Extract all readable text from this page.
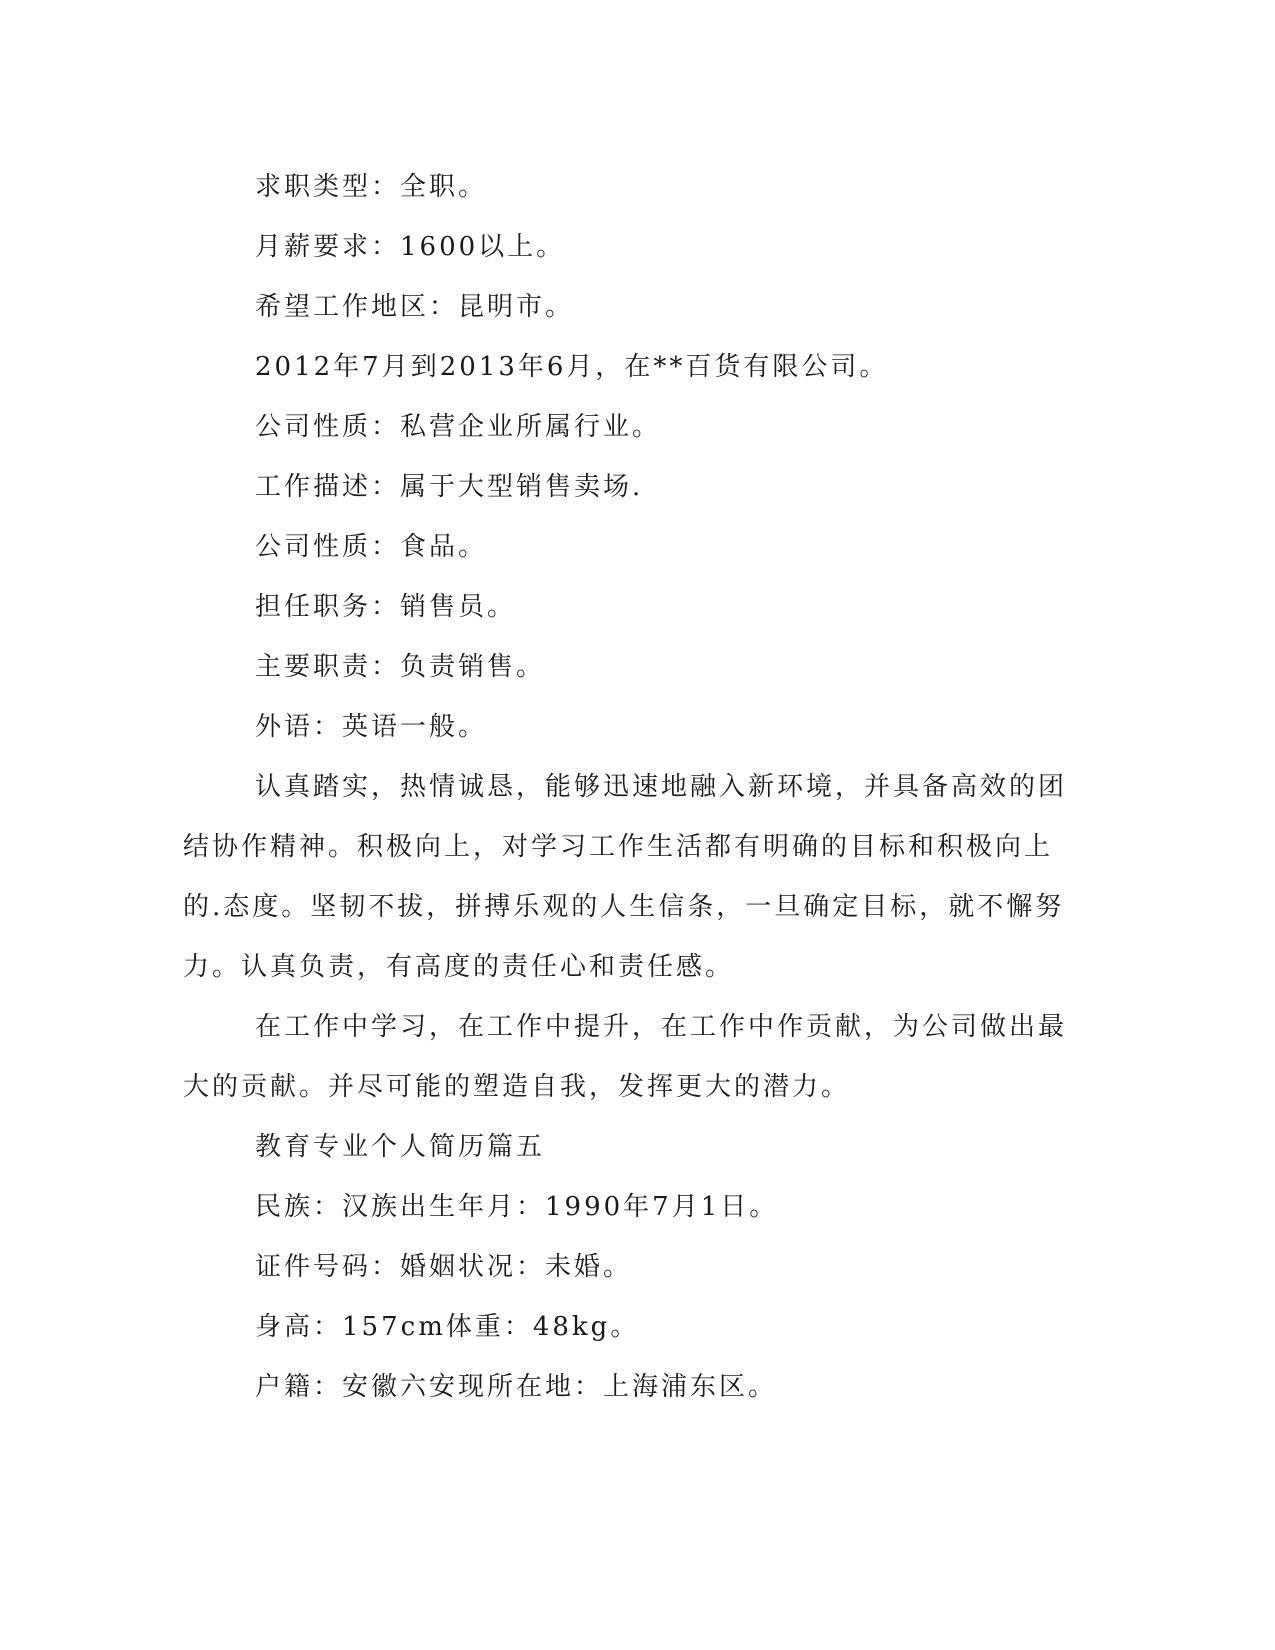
求职类型：全职。

月薪要求：1600以上。

希望工作地区：昆明市。

2012年7月到2013年6月，在**百货有限公司。

公司性质：私营企业所属行业。

工作描述：属于大型销售卖场.

公司性质：食品。

担任职务：销售员。

主要职责：负责销售。

外语：英语一般。

认真踏实，热情诚恳，能够迅速地融入新环境，并具备高效的团

结协作精神。积极向上，对学习工作生活都有明确的目标和积极向上

的.态度。坚韧不拔，拼搏乐观的人生信条，一旦确定目标，就不懈努

力。认真负责，有高度的责任心和责任感。

在工作中学习，在工作中提升，在工作中作贡献，为公司做出最

大的贡献。并尽可能的塑造自我，发挥更大的潜力。

教育专业个人简历篇五

民族：汉族出生年月：1990年7月1日。

证件号码：婚姻状况：未婚。

身高：157cm体重：48kg。

户籍：安徽六安现所在地：上海浦东区。
